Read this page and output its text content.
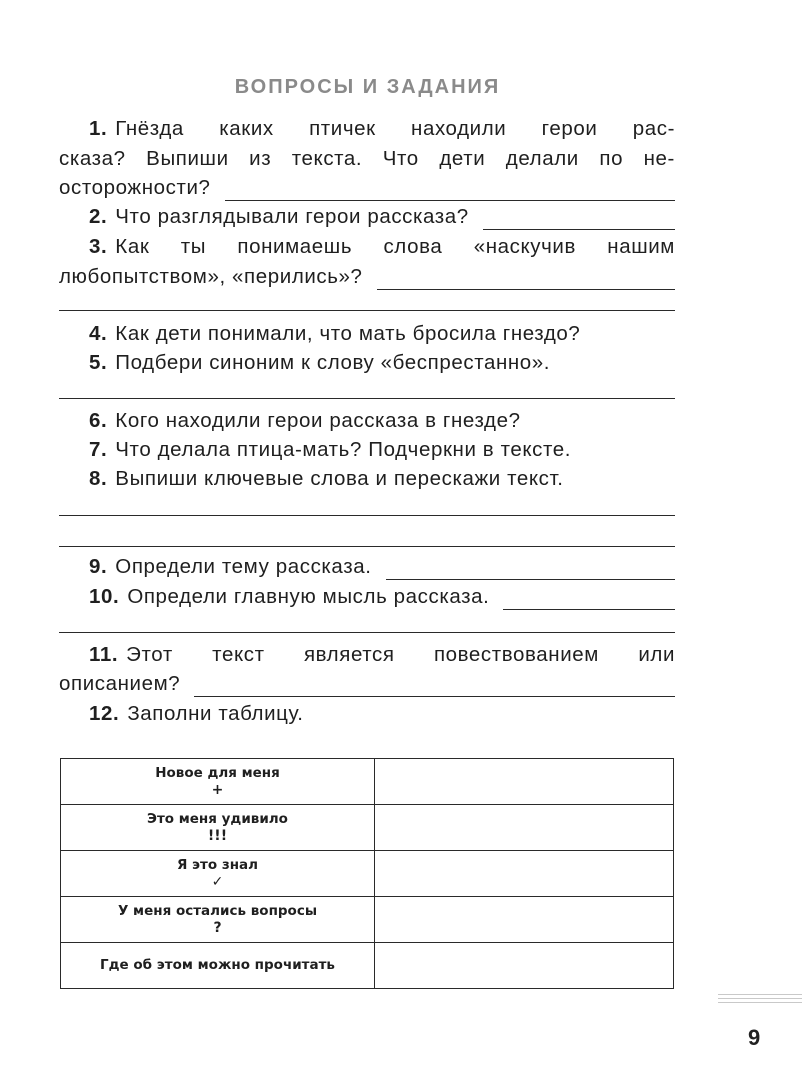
ВОПРОСЫ И ЗАДАНИЯ
1. Гнёзда каких птичек находили герои рас-
сказа? Выпиши из текста. Что дети делали по не-
осторожности?
2. Что разглядывали герои рассказа?
3. Как ты понимаешь слова «наскучив нашим
любопытством», «перились»?
4. Как дети понимали, что мать бросила гнездо?
5. Подбери синоним к слову «беспрестанно».
6. Кого находили герои рассказа в гнезде?
7. Что делала птица-мать? Подчеркни в тексте.
8. Выпиши ключевые слова и перескажи текст.
9. Определи тему рассказа.
10. Определи главную мысль рассказа.
11. Этот текст является повествованием или
описанием?
12. Заполни таблицу.
Новое для меня
+	

Это меня удивило
!!!	

Я это знал
✓	

У меня остались вопросы
?	

Где об этом можно прочитать	
9
